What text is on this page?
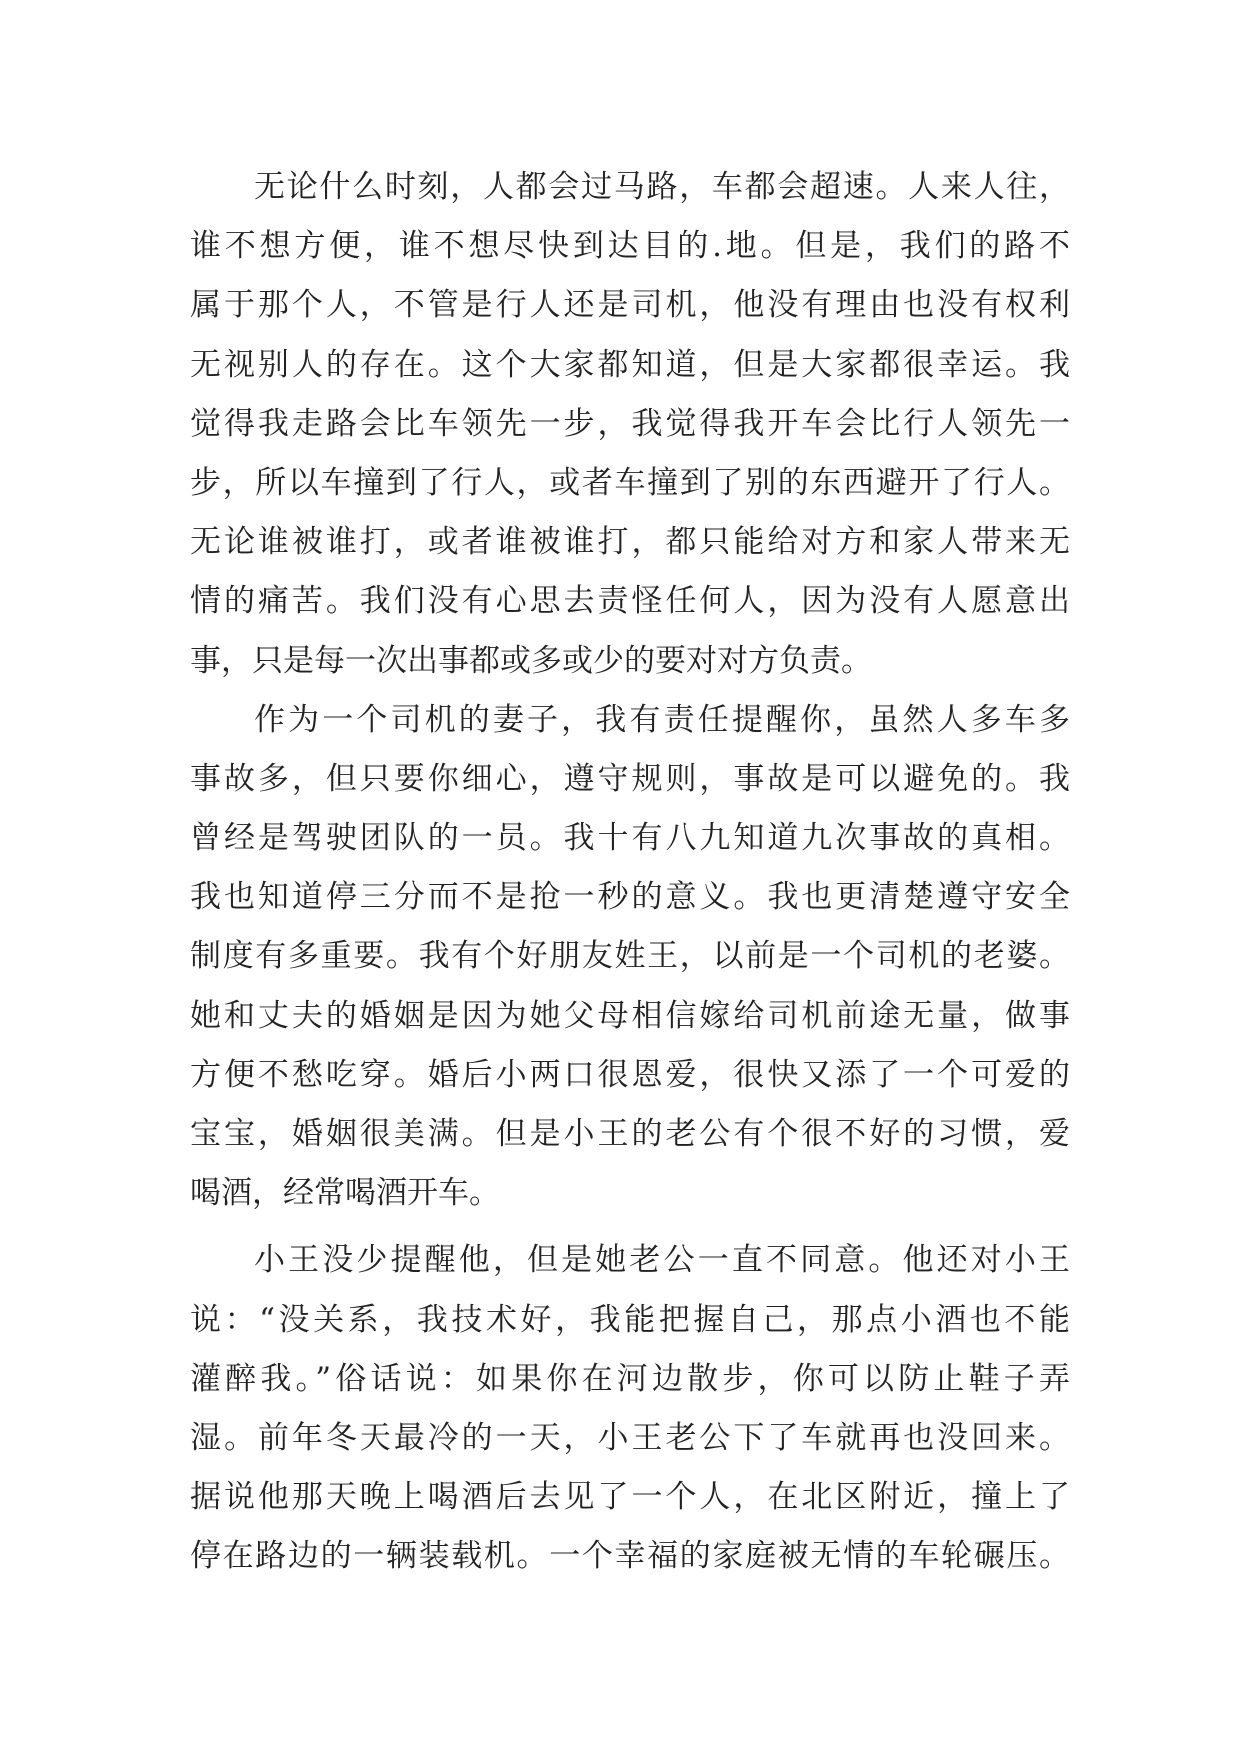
无论什么时刻，人都会过马路，车都会超速。人来人往，
谁不想方便，谁不想尽快到达目的.地。但是，我们的路不
属于那个人，不管是行人还是司机，他没有理由也没有权利
无视别人的存在。这个大家都知道，但是大家都很幸运。我
觉得我走路会比车领先一步，我觉得我开车会比行人领先一
步，所以车撞到了行人，或者车撞到了别的东西避开了行人。
无论谁被谁打，或者谁被谁打，都只能给对方和家人带来无
情的痛苦。我们没有心思去责怪任何人，因为没有人愿意出
事，只是每一次出事都或多或少的要对对方负责。
作为一个司机的妻子，我有责任提醒你，虽然人多车多
事故多，但只要你细心，遵守规则，事故是可以避免的。我
曾经是驾驶团队的一员。我十有八九知道九次事故的真相。
我也知道停三分而不是抢一秒的意义。我也更清楚遵守安全
制度有多重要。我有个好朋友姓王，以前是一个司机的老婆。
她和丈夫的婚姻是因为她父母相信嫁给司机前途无量，做事
方便不愁吃穿。婚后小两口很恩爱，很快又添了一个可爱的
宝宝，婚姻很美满。但是小王的老公有个很不好的习惯，爱
喝酒，经常喝酒开车。
小王没少提醒他，但是她老公一直不同意。他还对小王
说：“没关系，我技术好，我能把握自己，那点小酒也不能
灌醉我。”俗话说：如果你在河边散步，你可以防止鞋子弄
湿。前年冬天最冷的一天，小王老公下了车就再也没回来。
据说他那天晚上喝酒后去见了一个人，在北区附近，撞上了
停在路边的一辆装载机。一个幸福的家庭被无情的车轮碾压。
